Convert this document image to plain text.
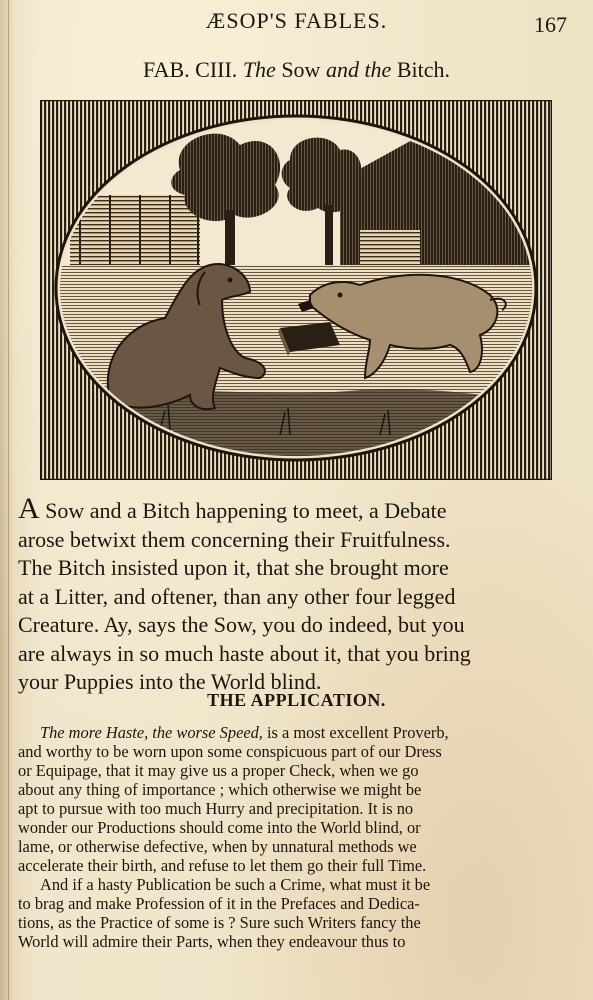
ÆSOP'S FABLES.	167
FAB. CIII. The Sow and the Bitch.

A Sow and a Bitch happening to meet, a Debate
arose betwixt them concerning their Fruitfulness.
The Bitch insisted upon it, that she brought more
at a Litter, and oftener, than any other four legged
Creature. Ay, says the Sow, you do indeed, but you
are always in so much haste about it, that you bring
your Puppies into the World blind.

THE APPLICATION.

The more Haste, the worse Speed, is a most excellent Proverb,
and worthy to be worn upon some conspicuous part of our Dress
or Equipage, that it may give us a proper Check, when we go
about any thing of importance ; which otherwise we might be
apt to pursue with too much Hurry and precipitation. It is no
wonder our Productions should come into the World blind, or
lame, or otherwise defective, when by unnatural methods we
accelerate their birth, and refuse to let them go their full Time.
And if a hasty Publication be such a Crime, what must it be
to brag and make Profession of it in the Prefaces and Dedica-
tions, as the Practice of some is ? Sure such Writers fancy the
World will admire their Parts, when they endeavour thus to
